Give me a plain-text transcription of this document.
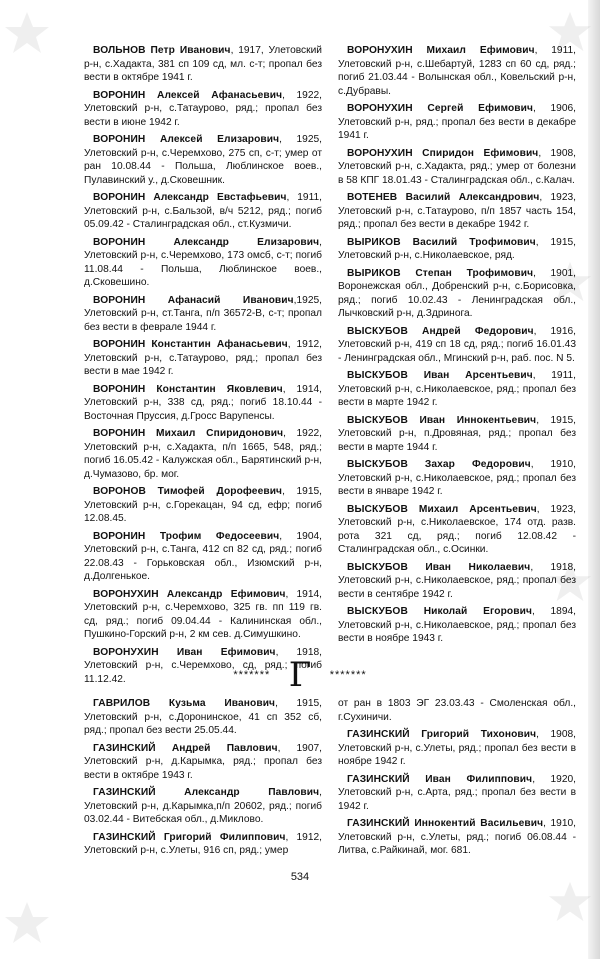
ВОЛЬНОВ Петр Иванович, 1917, Улетовский р-н, с.Хадакта, 381 сп 109 сд, мл. с-т; пропал без вести в октябре 1941 г.

ВОРОНИН Алексей Афанасьевич, 1922, Улетовский р-н, с.Татаурово, ряд.; пропал без вести в июне 1942 г.

ВОРОНИН Алексей Елизарович, 1925, Улетовский р-н, с.Черемхово, 275 сп, с-т; умер от ран 10.08.44 - Польша, Люблинское воев., Пулавинский у., д.Сковешник.

ВОРОНИН Александр Евстафьевич, 1911, Улетовский р-н, с.Бальзой, в/ч 5212, ряд.; погиб 05.09.42 - Сталинградская обл., ст.Кузмичи.

ВОРОНИН Александр Елизарович, Улетовский р-н, с.Черемхово, 173 омсб, с-т; погиб 11.08.44 - Польша, Люблинское воев., д.Сковешино.

ВОРОНИН Афанасий Иванович,1925, Улетовский р-н, ст.Танга, п/п 36572-В, с-т; пропал без вести в феврале 1944 г.

ВОРОНИН Константин Афанасьевич, 1912, Улетовский р-н, с.Татаурово, ряд.; пропал без вести в мае 1942 г.

ВОРОНИН Константин Яковлевич, 1914, Улетовский р-н, 338 сд, ряд.; погиб 18.10.44 - Восточная Пруссия, д.Гросс Варупенсы.

ВОРОНИН Михаил Спиридонович, 1922, Улетовский р-н, с.Хадакта, п/п 1665, 548, ряд.; погиб 16.05.42 - Калужская обл., Барятинский р-н, д.Чумазово, бр. мог.

ВОРОНОВ Тимофей Дорофеевич, 1915, Улетовский р-н, с.Горекацан, 94 сд, ефр; погиб 12.08.45.

ВОРОНИН Трофим Федосеевич, 1904, Улетовский р-н, с.Танга, 412 сп 82 сд, ряд.; погиб 22.08.43 - Горьковская обл., Изюмский р-н, д.Долгенькое.

ВОРОНУХИН Александр Ефимович, 1914, Улетовский р-н, с.Черемхово, 325 гв. пп 119 гв. сд, ряд.; погиб 09.04.44 - Калининская обл., Пушкино-Горский р-н, 2 км сев. д.Симушкино.

ВОРОНУХИН Иван Ефимович, 1918, Улетовский р-н, с.Черемхово, сд, ряд.; погиб 11.12.42.

ВОРОНУХИН Михаил Ефимович, 1911, Улетовский р-н, с.Шебартуй, 1283 сп 60 сд, ряд.; погиб 21.03.44 - Волынская обл., Ковельский р-н, с.Дубравы.

ВОРОНУХИН Сергей Ефимович, 1906, Улетовский р-н, ряд.; пропал без вести в декабре 1941 г.

ВОРОНУХИН Спиридон Ефимович, 1908, Улетовский р-н, с.Хадакта, ряд.; умер от болезни в 58 КПГ 18.01.43 - Сталинградская обл., с.Калач.

ВОТЕНЕВ Василий Александрович, 1923, Улетовский р-н, с.Татаурово, п/п 1857 часть 154, ряд.; пропал без вести в декабре 1942 г.

ВЫРИКОВ Василий Трофимович, 1915, Улетовский р-н, с.Николаевское, ряд.

ВЫРИКОВ Степан Трофимович, 1901, Воронежская обл., Добренский р-н, с.Борисовка, ряд.; погиб 10.02.43 - Ленинградская обл., Лычковский р-н, д.Здринога.

ВЫСКУБОВ Андрей Федорович, 1916, Улетовский р-н, 419 сп 18 сд, ряд.; погиб 16.01.43 - Ленинградская обл., Мгинский р-н, раб. пос. N 5.

ВЫСКУБОВ Иван Арсентьевич, 1911, Улетовский р-н, с.Николаевское, ряд.; пропал без вести в марте 1942 г.

ВЫСКУБОВ Иван Иннокентьевич, 1915, Улетовский р-н, п.Дровяная, ряд.; пропал без вести в марте 1944 г.

ВЫСКУБОВ Захар Федорович, 1910, Улетовский р-н, с.Николаевское, ряд.; пропал без вести в январе 1942 г.

ВЫСКУБОВ Михаил Арсентьевич, 1923, Улетовский р-н, с.Николаевское, 174 отд. разв. рота 321 сд, ряд.; погиб 12.08.42 - Сталинградская обл., с.Осинки.

ВЫСКУБОВ Иван Николаевич, 1918, Улетовский р-н, с.Николаевское, ряд.; пропал без вести в сентябре 1942 г.

ВЫСКУБОВ Николай Егорович, 1894, Улетовский р-н, с.Николаевское, ряд.; пропал без вести в ноябре 1943 г.

******* Г *******

ГАВРИЛОВ Кузьма Иванович, 1915, Улетовский р-н, с.Доронинское, 41 сп 352 сб, ряд.; пропал без вести 25.05.44.

ГАЗИНСКИЙ Андрей Павлович, 1907, Улетовский р-н, д.Карымка, ряд.; пропал без вести в октябре 1943 г.

ГАЗИНСКИЙ Александр Павлович, Улетовский р-н, д.Карымка,п/п 20602, ряд.; погиб 03.02.44 - Витебская обл., д.Миклово.

ГАЗИНСКИЙ Григорий Филиппович, 1912, Улетовский р-н, с.Улеты, 916 сп, ряд.; умер

от ран в 1803 ЭГ 23.03.43 - Смоленская обл., г.Сухиничи.

ГАЗИНСКИЙ Григорий Тихонович, 1908, Улетовский р-н, с.Улеты, ряд.; пропал без вести в ноябре 1942 г.

ГАЗИНСКИЙ Иван Филиппович, 1920, Улетовский р-н, с.Арта, ряд.; пропал без вести в 1942 г.

ГАЗИНСКИЙ Иннокентий Васильевич, 1910, Улетовский р-н, с.Улеты, ряд.; погиб 06.08.44 - Литва, с.Райкинай, мог. 681.

534
